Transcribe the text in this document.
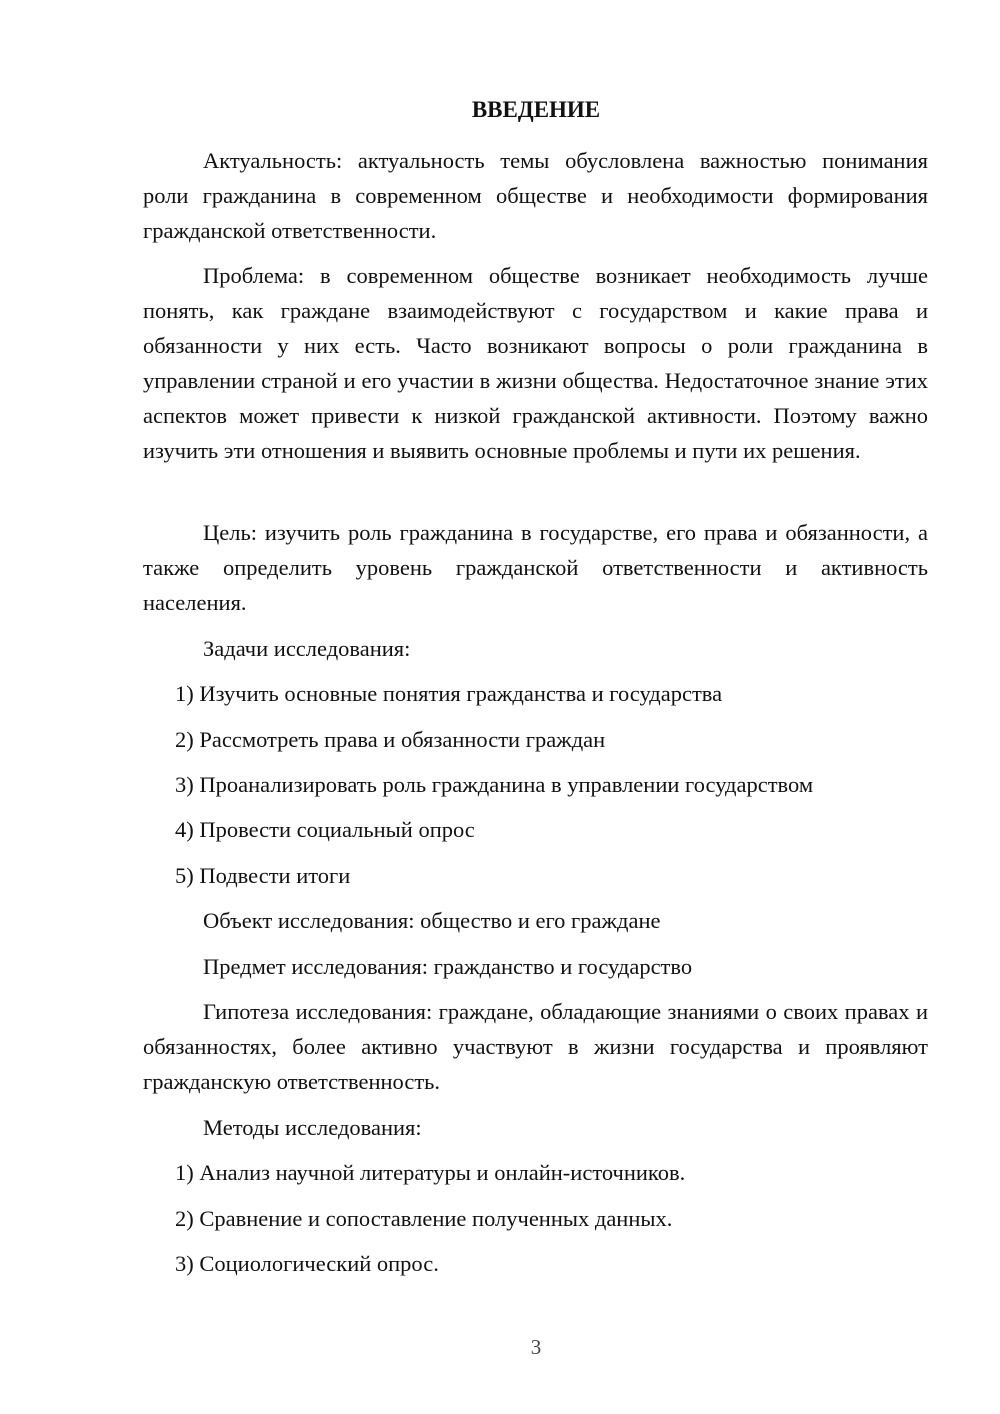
ВВЕДЕНИЕ

Актуальность: актуальность темы обусловлена важностью понимания роли гражданина в современном обществе и необходимости формирования гражданской ответственности.

Проблема: в современном обществе возникает необходимость лучше понять, как граждане взаимодействуют с государством и какие права и обязанности у них есть. Часто возникают вопросы о роли гражданина в управлении страной и его участии в жизни общества. Недостаточное знание этих аспектов может привести к низкой гражданской активности. Поэтому важно изучить эти отношения и выявить основные проблемы и пути их решения.

Цель: изучить роль гражданина в государстве, его права и обязанности, а также определить уровень гражданской ответственности и активность населения.

Задачи исследования:

1) Изучить основные понятия гражданства и государства

2) Рассмотреть права и обязанности граждан

3) Проанализировать роль гражданина в управлении государством

4) Провести социальный опрос

5) Подвести итоги

Объект исследования: общество и его граждане

Предмет исследования: гражданство и государство

Гипотеза исследования: граждане, обладающие знаниями о своих правах и обязанностях, более активно участвуют в жизни государства и проявляют гражданскую ответственность.

Методы исследования:

1) Анализ научной литературы и онлайн-источников.

2) Сравнение и сопоставление полученных данных.

3) Социологический опрос.

3
